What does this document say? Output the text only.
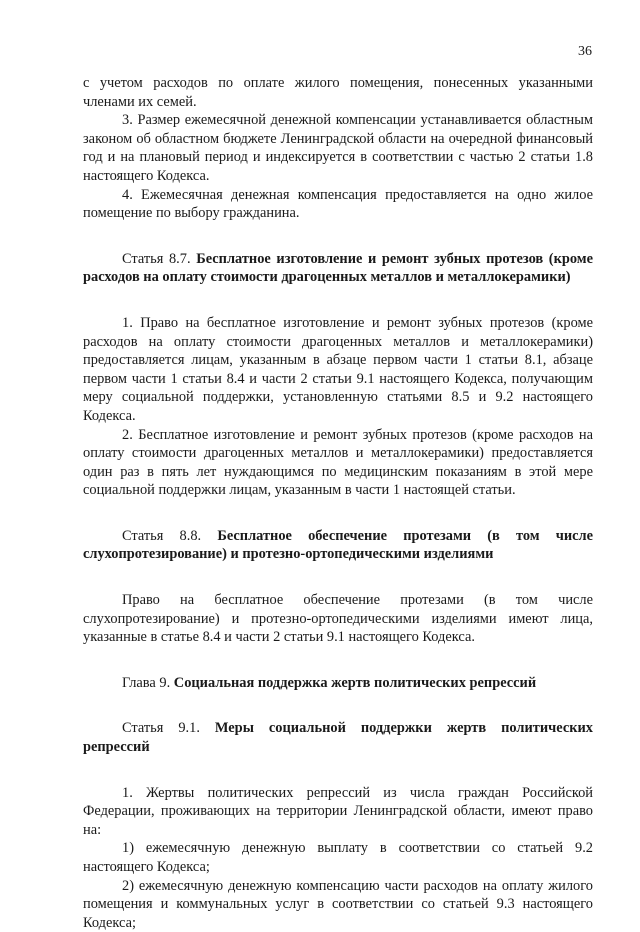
36

с учетом расходов по оплате жилого помещения, понесенных указанными членами их семей.

3. Размер ежемесячной денежной компенсации устанавливается областным законом об областном бюджете Ленинградской области на очередной финансовый год и на плановый период и индексируется в соответствии с частью 2 статьи 1.8 настоящего Кодекса.

4. Ежемесячная денежная компенсация предоставляется на одно жилое помещение по выбору гражданина.

Статья 8.7. Бесплатное изготовление и ремонт зубных протезов (кроме расходов на оплату стоимости драгоценных металлов и металлокерамики)

1. Право на бесплатное изготовление и ремонт зубных протезов (кроме расходов на оплату стоимости драгоценных металлов и металлокерамики) предоставляется лицам, указанным в абзаце первом части 1 статьи 8.1, абзаце первом части 1 статьи 8.4 и части 2 статьи 9.1 настоящего Кодекса, получающим меру социальной поддержки, установленную статьями 8.5 и 9.2 настоящего Кодекса.

2. Бесплатное изготовление и ремонт зубных протезов (кроме расходов на оплату стоимости драгоценных металлов и металлокерамики) предоставляется один раз в пять лет нуждающимся по медицинским показаниям в этой мере социальной поддержки лицам, указанным в части 1 настоящей статьи.

Статья 8.8. Бесплатное обеспечение протезами (в том числе слухопротезирование) и протезно-ортопедическими изделиями

Право на бесплатное обеспечение протезами (в том числе слухопротезирование) и протезно-ортопедическими изделиями имеют лица, указанные в статье 8.4 и части 2 статьи 9.1 настоящего Кодекса.

Глава 9. Социальная поддержка жертв политических репрессий

Статья 9.1. Меры социальной поддержки жертв политических репрессий

1. Жертвы политических репрессий из числа граждан Российской Федерации, проживающих на территории Ленинградской области, имеют право на:

1) ежемесячную денежную выплату в соответствии со статьей 9.2 настоящего Кодекса;

2) ежемесячную денежную компенсацию части расходов на оплату жилого помещения и коммунальных услуг в соответствии со статьей 9.3 настоящего Кодекса;
